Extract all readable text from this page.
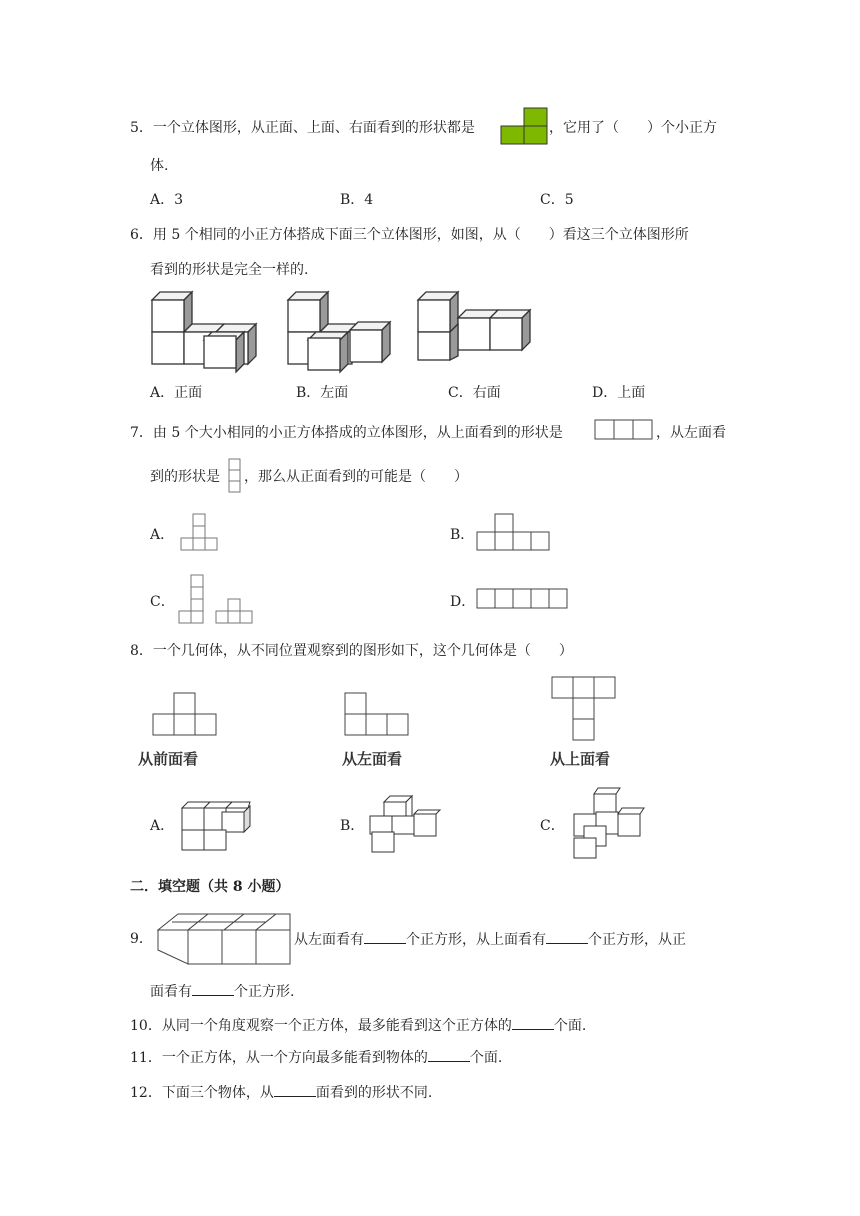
5．一个立体图形，从正面、上面、右面看到的形状都是	，它用了（　　）个小正方
体.
A．3	B．4	C．5
6．用 5 个相同的小正方体搭成下面三个立体图形，如图，从（　　）看这三个立体图形所
看到的形状是完全一样的.
A．正面	B．左面	C．右面	D．上面
7．由 5 个大小相同的小正方体搭成的立体图形，从上面看到的形状是	，从左面看
到的形状是 ，那么从正面看到的可能是（　　）
A．	B．
C．	D．
8．一个几何体，从不同位置观察到的图形如下，这个几何体是（　　）
从前面看	从左面看	从上面看
A．	B．	C．
二．填空题（共 8 小题）
9．	从左面看有	个正方形，从上面看有	个正方形，从正
面看有	个正方形.
10．从同一个角度观察一个正方体，最多能看到这个正方体的	个面.
11．一个正方体，从一个方向最多能看到物体的	个面.
12．下面三个物体，从	面看到的形状不同.
